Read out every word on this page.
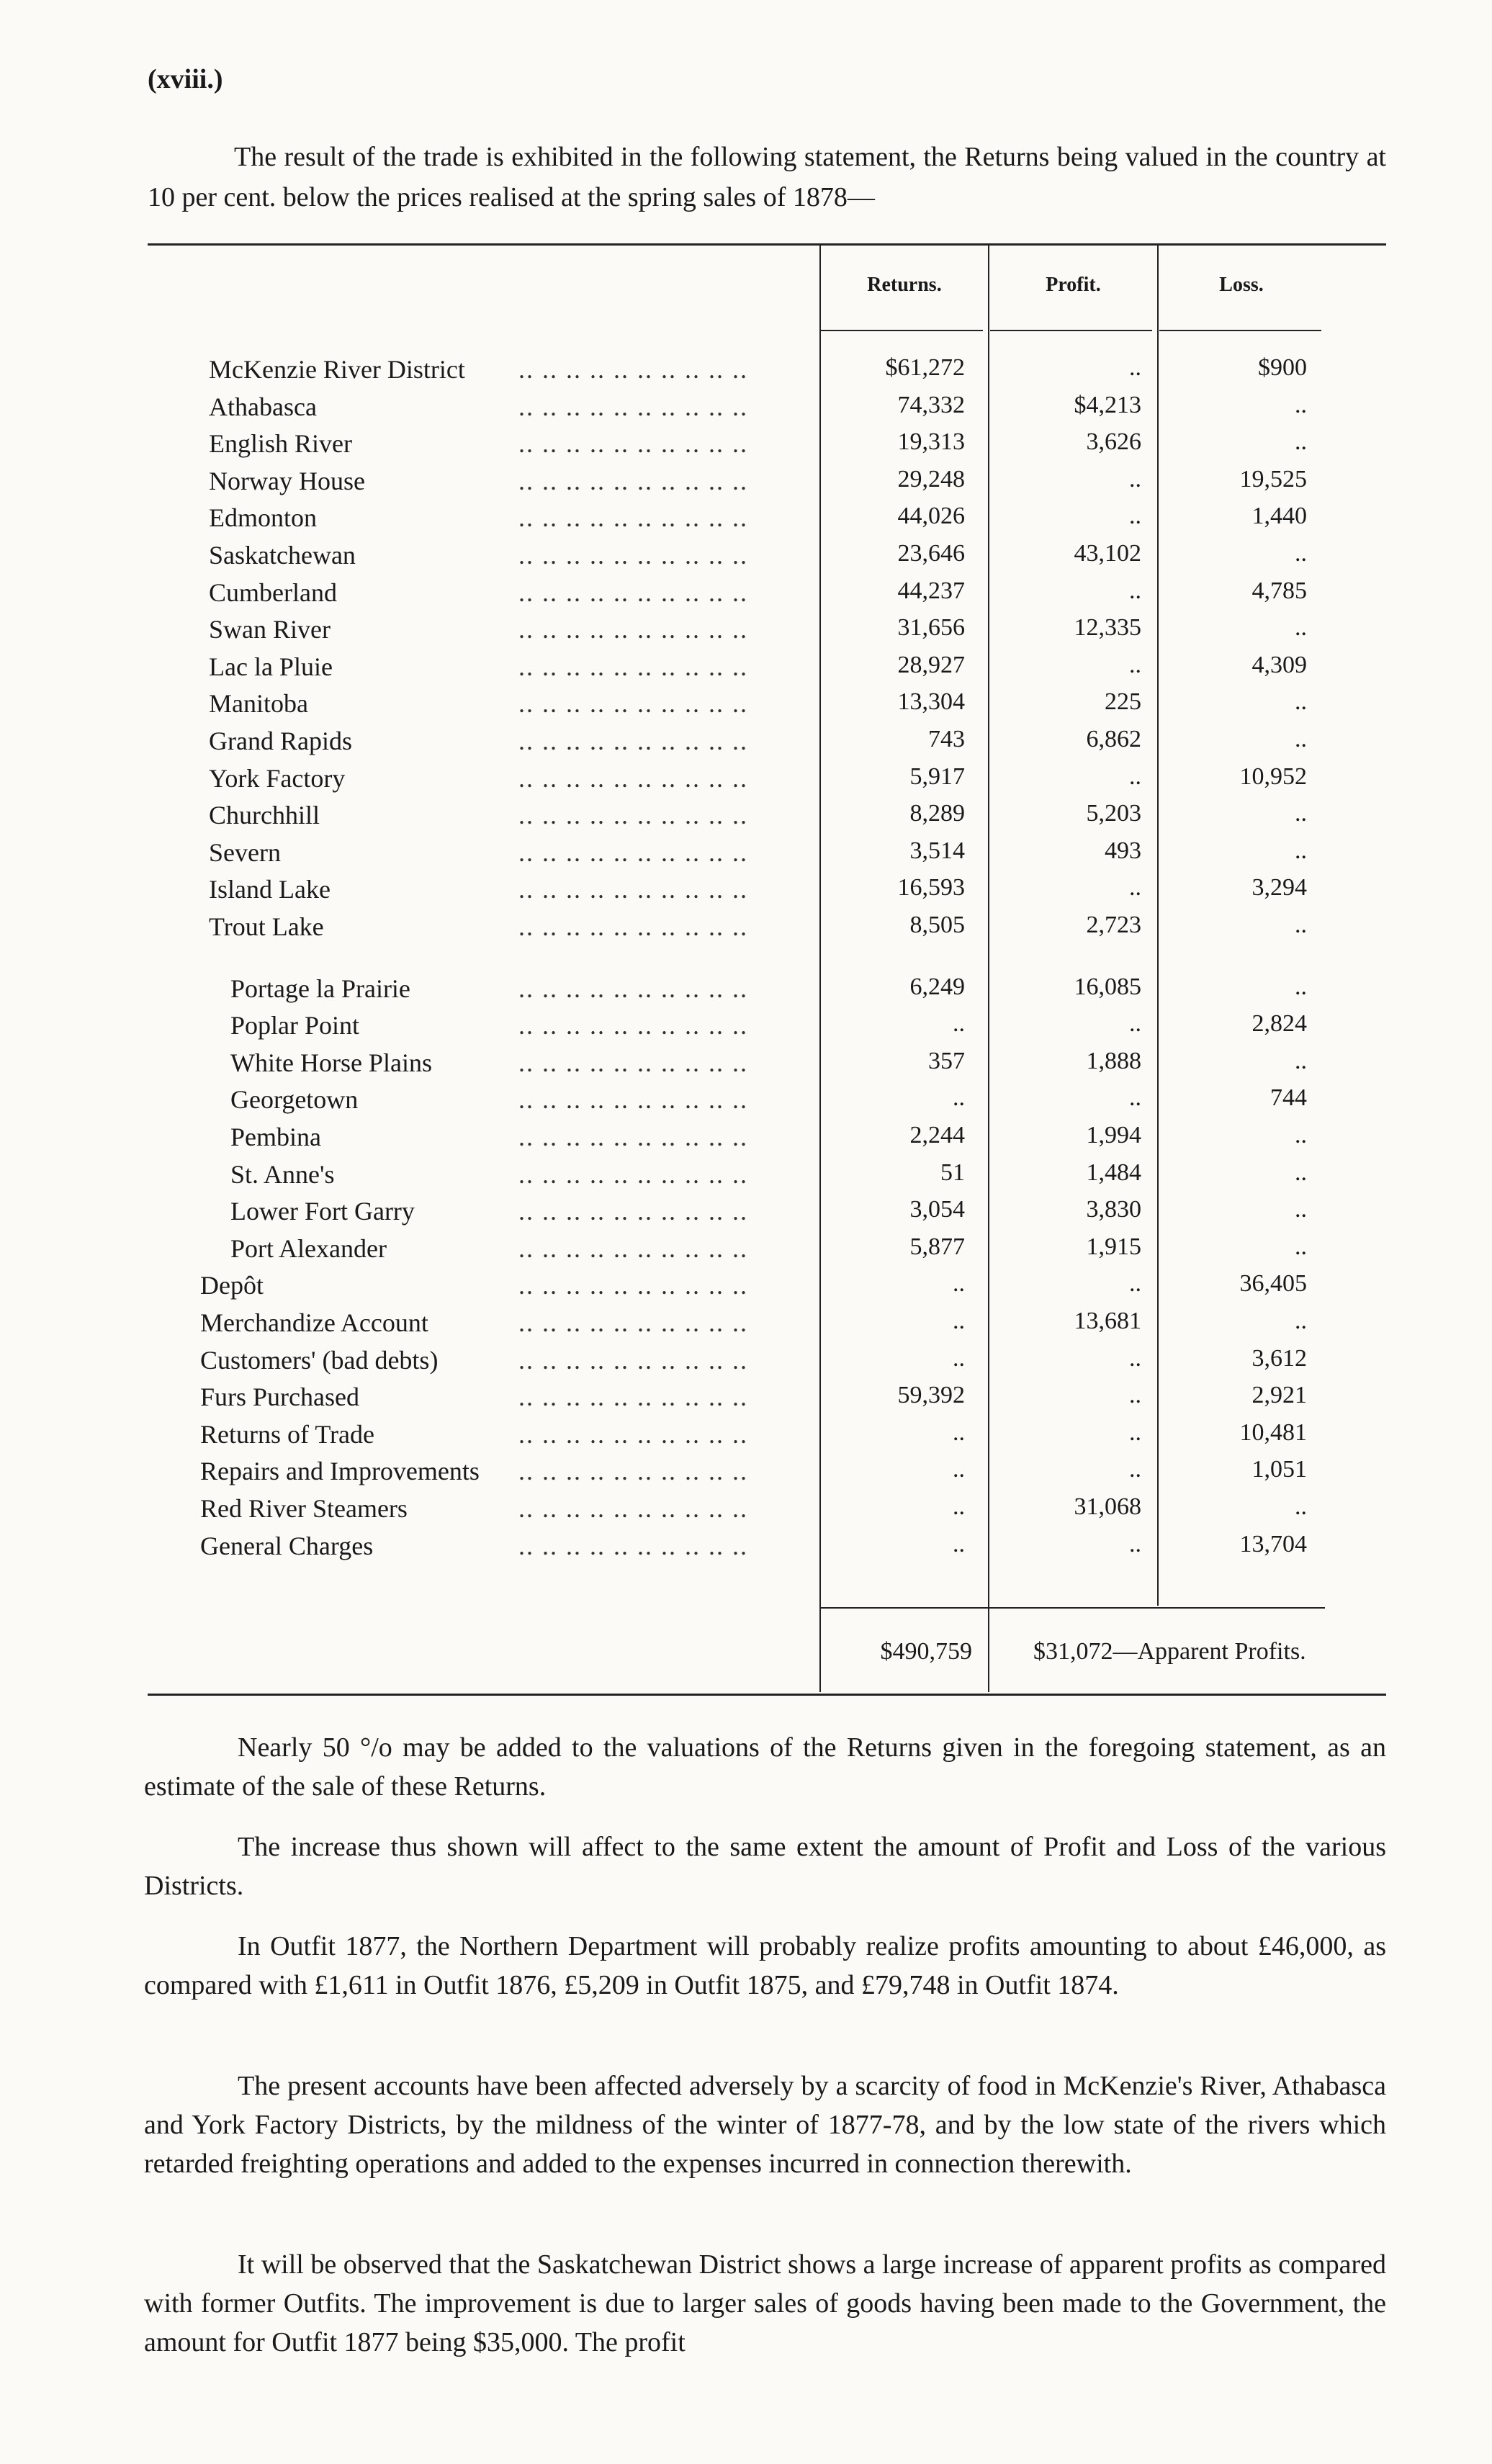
(xviii.)
The result of the trade is exhibited in the following statement, the Returns being valued in the country at 10 per cent. below the prices realised at the spring sales of 1878—
Returns.	Profit.	Loss.
McKenzie River District .. .. .. .. .. .. .. .. .. ..	$61,272	..	$900
Athabasca	.. .. .. .. .. .. .. .. .. ..	74,332	$4,213	..
English River	.. .. .. .. .. .. .. .. .. ..	19,313	3,626	..
Norway House	.. .. .. .. .. .. .. .. .. ..	29,248	..	19,525
Edmonton	.. .. .. .. .. .. .. .. .. ..	44,026	..	1,440
Saskatchewan	.. .. .. .. .. .. .. .. .. ..	23,646	43,102	..
Cumberland	.. .. .. .. .. .. .. .. .. ..	44,237	..	4,785
Swan River	.. .. .. .. .. .. .. .. .. ..	31,656	12,335	..
Lac la Pluie	.. .. .. .. .. .. .. .. .. ..	28,927	..	4,309
Manitoba	.. .. .. .. .. .. .. .. .. ..	13,304	225	..
Grand Rapids	.. .. .. .. .. .. .. .. .. ..	743	6,862	..
York Factory	.. .. .. .. .. .. .. .. .. ..	5,917	..	10,952
Churchhill	.. .. .. .. .. .. .. .. .. ..	8,289	5,203	..
Severn	.. .. .. .. .. .. .. .. .. ..	3,514	493	..
Island Lake	.. .. .. .. .. .. .. .. .. ..	16,593	..	3,294
Trout Lake	.. .. .. .. .. .. .. .. .. ..	8,505	2,723	..
Portage la Prairie	.. .. .. .. .. .. .. .. .. ..	6,249	16,085	..
Poplar Point	.. .. .. .. .. .. .. .. .. ..	..	..	2,824
White Horse Plains	.. .. .. .. .. .. .. .. .. ..	357	1,888	..
Georgetown	.. .. .. .. .. .. .. .. .. ..	..	..	744
Pembina	.. .. .. .. .. .. .. .. .. ..	2,244	1,994	..
St. Anne's	.. .. .. .. .. .. .. .. .. ..	51	1,484	..
Lower Fort Garry	.. .. .. .. .. .. .. .. .. ..	3,054	3,830	..
Port Alexander	.. .. .. .. .. .. .. .. .. ..	5,877	1,915	..
Depôt	.. .. .. .. .. .. .. .. .. ..	..	..	36,405
Merchandize Account	.. .. .. .. .. .. .. .. .. ..	..	13,681	..
Customers' (bad debts)	.. .. .. .. .. .. .. .. .. ..	..	..	3,612
Furs Purchased	.. .. .. .. .. .. .. .. .. ..	59,392	..	2,921
Returns of Trade	.. .. .. .. .. .. .. .. .. ..	..	..	10,481
Repairs and Improvements .. .. .. .. .. .. .. .. .. ..	..	..	1,051
Red River Steamers	.. .. .. .. .. .. .. .. .. ..	..	31,068	..
General Charges	.. .. .. .. .. .. .. .. .. ..	..	..	13,704
$490,759	$31,072—Apparent Profits.
Nearly 50 °/o may be added to the valuations of the Returns given in the foregoing statement, as an estimate of the sale of these Returns.
The increase thus shown will affect to the same extent the amount of Profit and Loss of the various Districts.
In Outfit 1877, the Northern Department will probably realize profits amounting to about £46,000, as compared with £1,611 in Outfit 1876, £5,209 in Outfit 1875, and £79,748 in Outfit 1874.
The present accounts have been affected adversely by a scarcity of food in McKenzie's River, Athabasca and York Factory Districts, by the mildness of the winter of 1877-78, and by the low state of the rivers which retarded freighting operations and added to the expenses incurred in connection therewith.
It will be observed that the Saskatchewan District shows a large increase of apparent profits as compared with former Outfits. The improvement is due to larger sales of goods having been made to the Government, the amount for Outfit 1877 being $35,000. The profit
